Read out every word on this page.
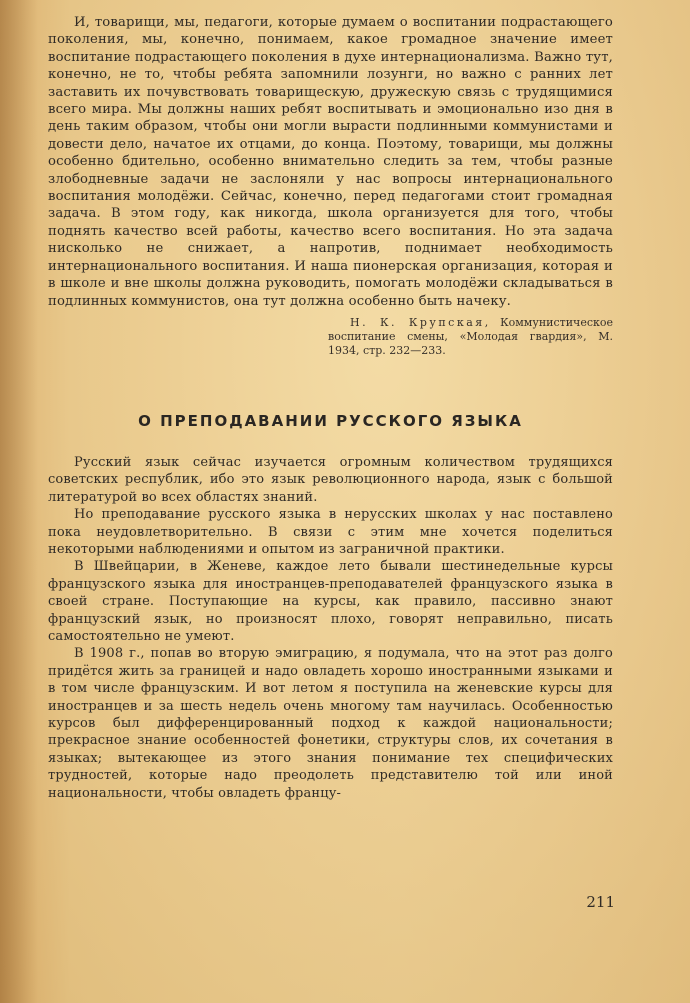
И, товарищи, мы, педагоги, которые думаем о воспитании подрастающего поколения, мы, конечно, понимаем, какое громадное значение имеет воспитание подрастающего поколения в духе интернационализма. Важно тут, конечно, не то, чтобы ребята запомнили лозунги, но важно с ранних лет заставить их почувствовать товарищескую, дружескую связь с трудящимися всего мира. Мы должны наших ребят воспитывать и эмоционально изо дня в день таким образом, чтобы они могли вырасти подлинными коммунистами и довести дело, начатое их отцами, до конца. Поэтому, товарищи, мы должны особенно бдительно, особенно внимательно следить за тем, чтобы разные злободневные задачи не заслоняли у нас вопросы интернационального воспитания молодёжи. Сейчас, конечно, перед педагогами стоит громадная задача. В этом году, как никогда, школа организуется для того, чтобы поднять качество всей работы, качество всего воспитания. Но эта задача нисколько не снижает, а напротив, поднимает необходимость интернационального воспитания. И наша пионерская организация, которая и в школе и вне школы должна руководить, помогать молодёжи складываться в подлинных коммунистов, она тут должна особенно быть начеку.

Н. К. Крупская, Коммунистическое воспитание смены, «Молодая гвардия», М. 1934, стр. 232—233.
О ПРЕПОДАВАНИИ РУССКОГО ЯЗЫКА

Русский язык сейчас изучается огромным количеством трудящихся советских республик, ибо это язык революционного народа, язык с большой литературой во всех областях знаний.

Но преподавание русского языка в нерусских школах у нас поставлено пока неудовлетворительно. В связи с этим мне хочется поделиться некоторыми наблюдениями и опытом из заграничной практики.

В Швейцарии, в Женеве, каждое лето бывали шестинедельные курсы французского языка для иностранцев-преподавателей французского языка в своей стране. Поступающие на курсы, как правило, пассивно знают французский язык, но произносят плохо, говорят неправильно, писать самостоятельно не умеют.

В 1908 г., попав во вторую эмиграцию, я подумала, что на этот раз долго придётся жить за границей и надо овладеть хорошо иностранными языками и в том числе французским. И вот летом я поступила на женевские курсы для иностранцев и за шесть недель очень многому там научилась. Особенностью курсов был дифференцированный подход к каждой национальности; прекрасное знание особенностей фонетики, структуры слов, их сочетания в языках; вытекающее из этого знания понимание тех специфических трудностей, которые надо преодолеть представителю той или иной национальности, чтобы овладеть францу-

211
